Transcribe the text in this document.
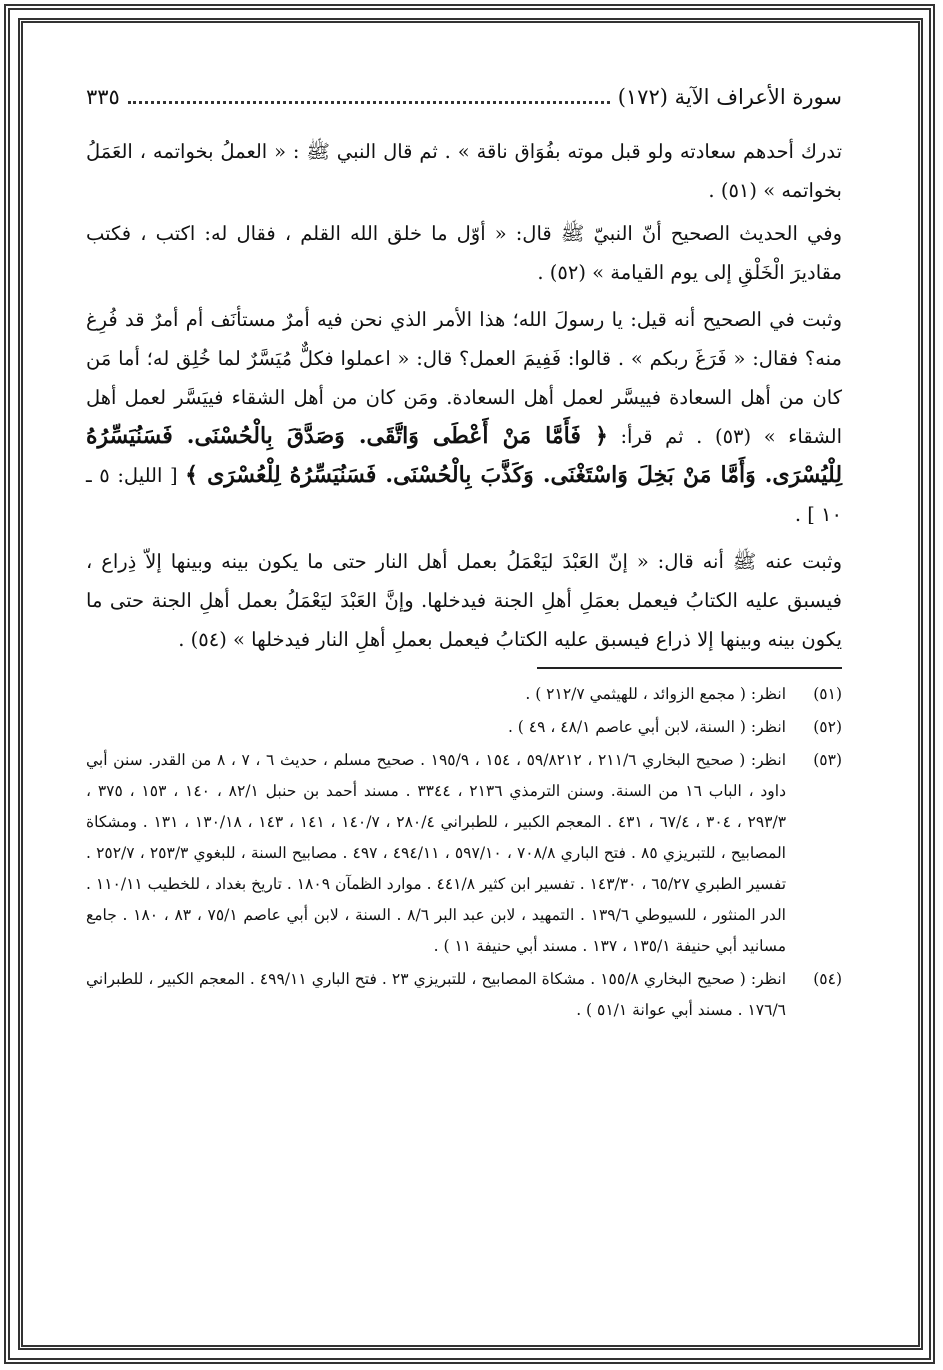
سورة الأعراف الآية (١٧٢)
٣٣٥

تدرك أحدهم سعادته ولو قبل موته بفُوَاق ناقة » . ثم قال النبي ﷺ : « العملُ بخواتمه ، العَمَلُ بخواتمه » (٥١) .

وفي الحديث الصحيح أنّ النبيّ ﷺ قال: « أوّل ما خلق الله القلم ، فقال له: اكتب ، فكتب مقاديرَ الْخَلْقِ إلى يوم القيامة » (٥٢) .

وثبت في الصحيح أنه قيل: يا رسولَ الله؛ هذا الأمر الذي نحن فيه أمرٌ مستأنَف أم أمرٌ قد فُرِغ منه؟ فقال: « فَرَغَ ربكم » . قالوا: فَفِيمَ العمل؟ قال: « اعملوا فكلٌّ مُيَسَّرٌ لما خُلِق له؛ أما مَن كان من أهل السعادة فييسَّر لعمل أهل السعادة. ومَن كان من أهل الشقاء فييَسَّر لعمل أهل الشقاء » (٥٣) . ثم قرأ: ﴿ فَأَمَّا مَنْ أَعْطَى وَاتَّقَى. وَصَدَّقَ بِالْحُسْنَى. فَسَنُيَسِّرُهُ لِلْيُسْرَى. وَأَمَّا مَنْ بَخِلَ وَاسْتَغْنَى. وَكَذَّبَ بِالْحُسْنَى. فَسَنُيَسِّرُهُ لِلْعُسْرَى ﴾ [ الليل: ٥ ـ ١٠ ] .

وثبت عنه ﷺ أنه قال: « إنّ العَبْدَ ليَعْمَلُ بعمل أهل النار حتى ما يكون بينه وبينها إلاّ ذِراع ، فيسبق عليه الكتابُ فيعمل بعمَلِ أهلِ الجنة فيدخلها. وإنَّ العَبْدَ ليَعْمَلُ بعمل أهلِ الجنة حتى ما يكون بينه وبينها إلا ذراع فيسبق عليه الكتابُ فيعمل بعملِ أهلِ النار فيدخلها » (٥٤) .

(٥١)
انظر: ( مجمع الزوائد ، للهيثمي ٢١٢/٧ ) .
(٥٢)
انظر: ( السنة، لابن أبي عاصم ٤٨/١ ، ٤٩ ) .
(٥٣)
انظر: ( صحيح البخاري ٢١١/٦ ، ٥٩/٨٢١٢ ، ١٥٤ ، ١٩٥/٩ . صحيح مسلم ، حديث ٦ ، ٧ ، ٨ من القدر. سنن أبي داود ، الباب ١٦ من السنة. وسنن الترمذي ٢١٣٦ ، ٣٣٤٤ . مسند أحمد بن حنبل ٨٢/١ ، ١٤٠ ، ١٥٣ ، ٣٧٥ ، ٢٩٣/٣ ، ٣٠٤ ، ٦٧/٤ ، ٤٣١ . المعجم الكبير ، للطبراني ٢٨٠/٤ ، ١٤٠/٧ ، ١٤١ ، ١٤٣ ، ١٣٠/١٨ ، ١٣١ . ومشكاة المصابيح ، للتبريزي ٨٥ . فتح الباري ٧٠٨/٨ ، ٥٩٧/١٠ ، ٤٩٤/١١ ، ٤٩٧ . مصابيح السنة ، للبغوي ٢٥٣/٣ ، ٢٥٢/٧ . تفسير الطبري ٦٥/٢٧ ، ١٤٣/٣٠ . تفسير ابن كثير ٤٤١/٨ . موارد الظمآن ١٨٠٩ . تاريخ بغداد ، للخطيب ١١٠/١١ . الدر المنثور ، للسيوطي ١٣٩/٦ . التمهيد ، لابن عبد البر ٨/٦ . السنة ، لابن أبي عاصم ٧٥/١ ، ٨٣ ، ١٨٠ . جامع مسانيد أبي حنيفة ١٣٥/١ ، ١٣٧ . مسند أبي حنيفة ١١ ) .
(٥٤)
انظر: ( صحيح البخاري ١٥٥/٨ . مشكاة المصابيح ، للتبريزي ٢٣ . فتح الباري ٤٩٩/١١ . المعجم الكبير ، للطبراني ١٧٦/٦ . مسند أبي عوانة ٥١/١ ) .
